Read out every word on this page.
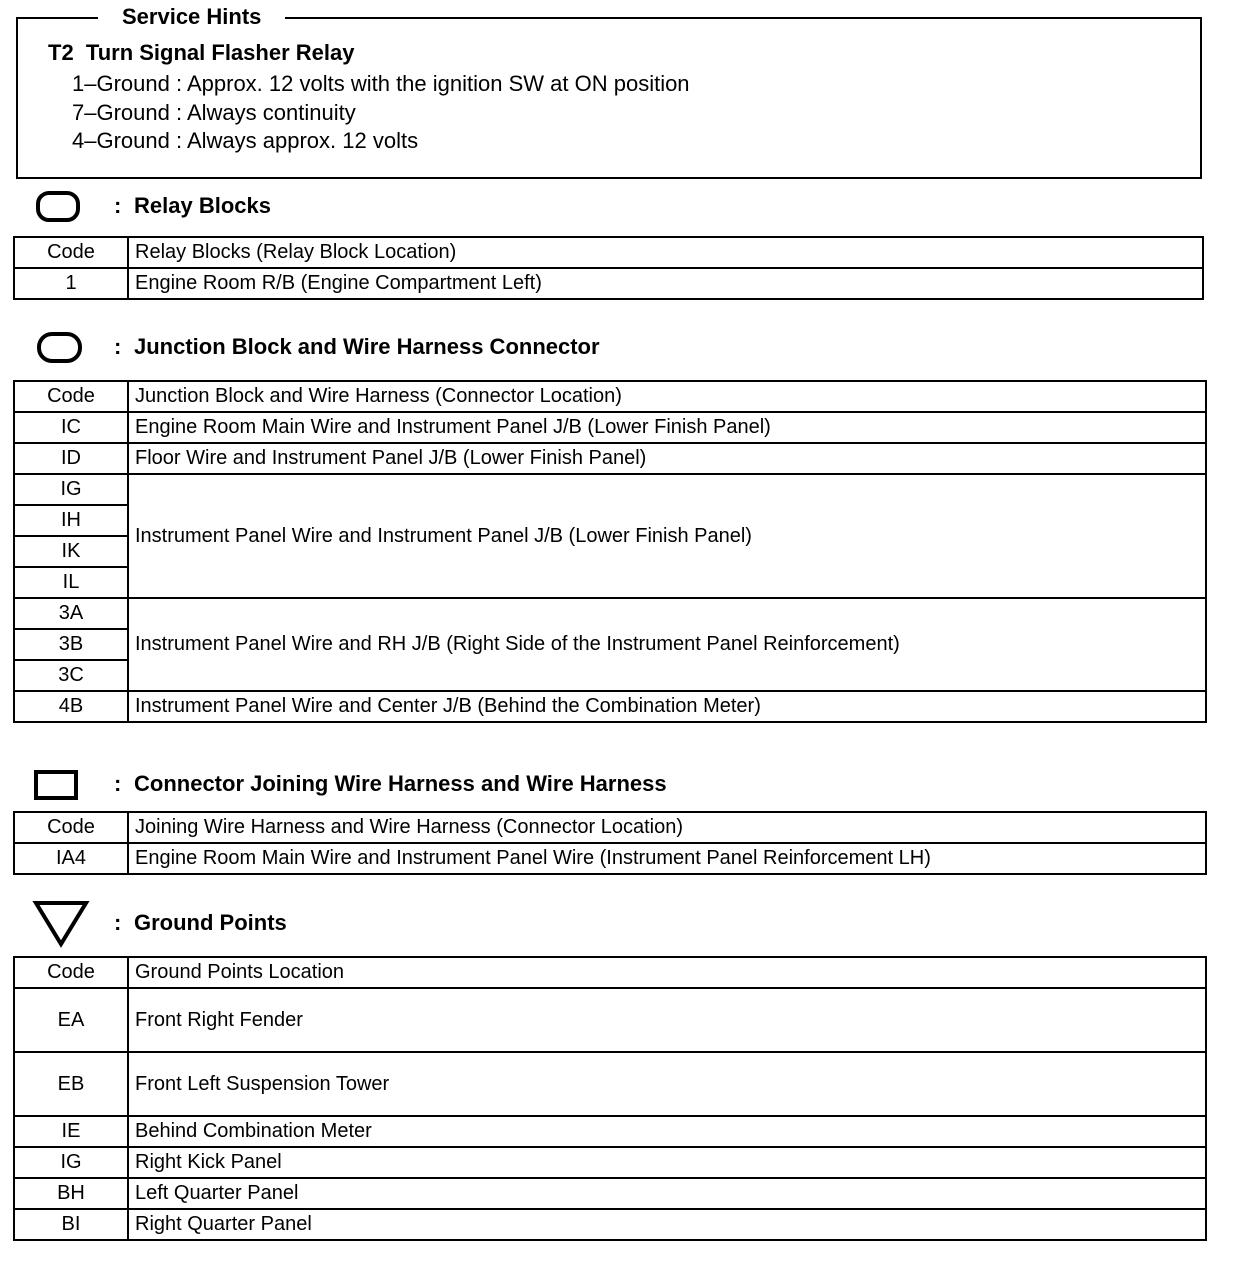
Service Hints
T2  Turn Signal Flasher Relay
1–Ground : Approx. 12 volts with the ignition SW at ON position
7–Ground : Always continuity
4–Ground : Always approx. 12 volts
: Relay Blocks
Code	Relay Blocks (Relay Block Location)
1	Engine Room R/B (Engine Compartment Left)
: Junction Block and Wire Harness Connector
Code	Junction Block and Wire Harness (Connector Location)
IC	Engine Room Main Wire and Instrument Panel J/B (Lower Finish Panel)
ID	Floor Wire and Instrument Panel J/B (Lower Finish Panel)
IG	Instrument Panel Wire and Instrument Panel J/B (Lower Finish Panel)
IH	
IK	
IL	
3A	Instrument Panel Wire and RH J/B (Right Side of the Instrument Panel Reinforcement)
3B	
3C	
4B	Instrument Panel Wire and Center J/B (Behind the Combination Meter)
: Connector Joining Wire Harness and Wire Harness
Code	Joining Wire Harness and Wire Harness (Connector Location)
IA4	Engine Room Main Wire and Instrument Panel Wire (Instrument Panel Reinforcement LH)
: Ground Points
Code	Ground Points Location
EA	Front Right Fender
EB	Front Left Suspension Tower
IE	Behind Combination Meter
IG	Right Kick Panel
BH	Left Quarter Panel
BI	Right Quarter Panel
